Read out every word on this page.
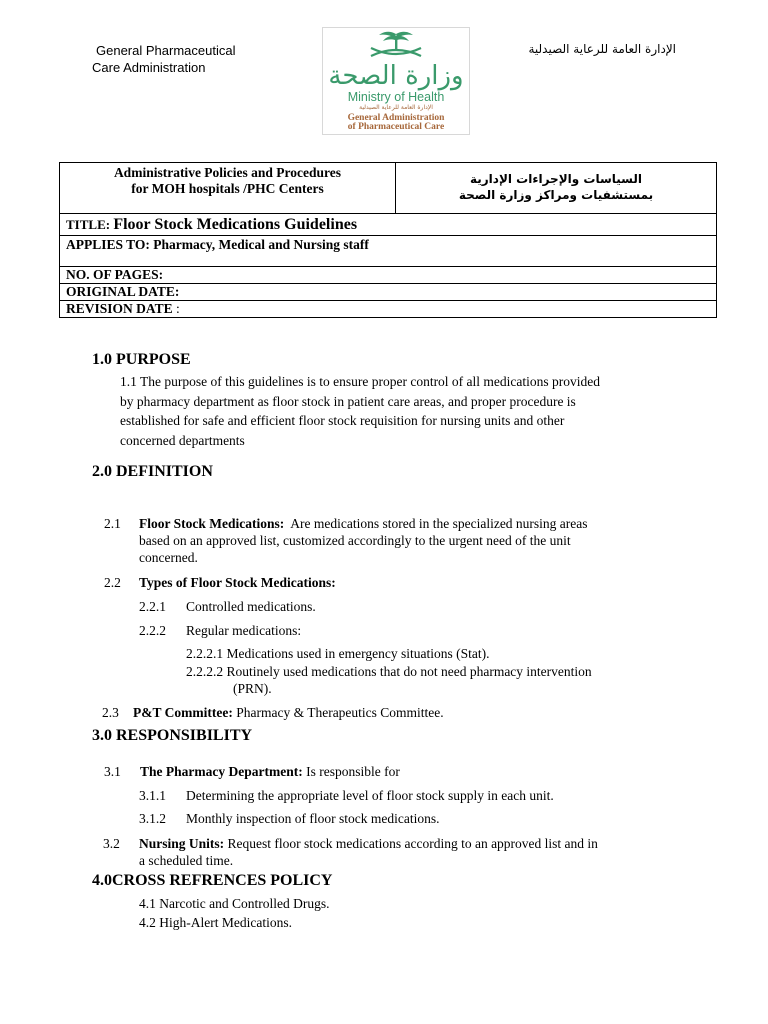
General Pharmaceutical
Care Administration	وزارة الصحة
Ministry of Health
الإدارة العامة للرعاية الصيدلية
General Administration
of Pharmaceutical Care
الإدارة العامة للرعاية الصيدلية
Administrative Policies and Procedures
for MOH hospitals /PHC Centers

السياسات والإجراءات الإدارية
بمستشفيات ومراكز وزارة الصحة

TITLE: Floor Stock Medications Guidelines
APPLIES TO: Pharmacy, Medical and Nursing staff
NO. OF PAGES:
ORIGINAL DATE:
REVISION DATE :
1.0 PURPOSE
1.1 The purpose of this guidelines is to ensure proper control of all medications provided
by pharmacy department as floor stock in patient care areas, and proper procedure is
established for safe and efficient floor stock requisition for nursing units and other
concerned departments
2.0 DEFINITION
2.1 Floor Stock Medications: Are medications stored in the specialized nursing areas
based on an approved list, customized accordingly to the urgent need of the unit
concerned.
2.2 Types of Floor Stock Medications:
2.2.1 Controlled medications.
2.2.2 Regular medications:
2.2.2.1 Medications used in emergency situations (Stat).
2.2.2.2 Routinely used medications that do not need pharmacy intervention
(PRN).
2.3 P&T Committee: Pharmacy & Therapeutics Committee.
3.0 RESPONSIBILITY
3.1 The Pharmacy Department: Is responsible for
3.1.1 Determining the appropriate level of floor stock supply in each unit.
3.1.2 Monthly inspection of floor stock medications.
3.2 Nursing Units: Request floor stock medications according to an approved list and in
a scheduled time.
4.0CROSS REFRENCES POLICY
4.1 Narcotic and Controlled Drugs.
4.2 High-Alert Medications.
